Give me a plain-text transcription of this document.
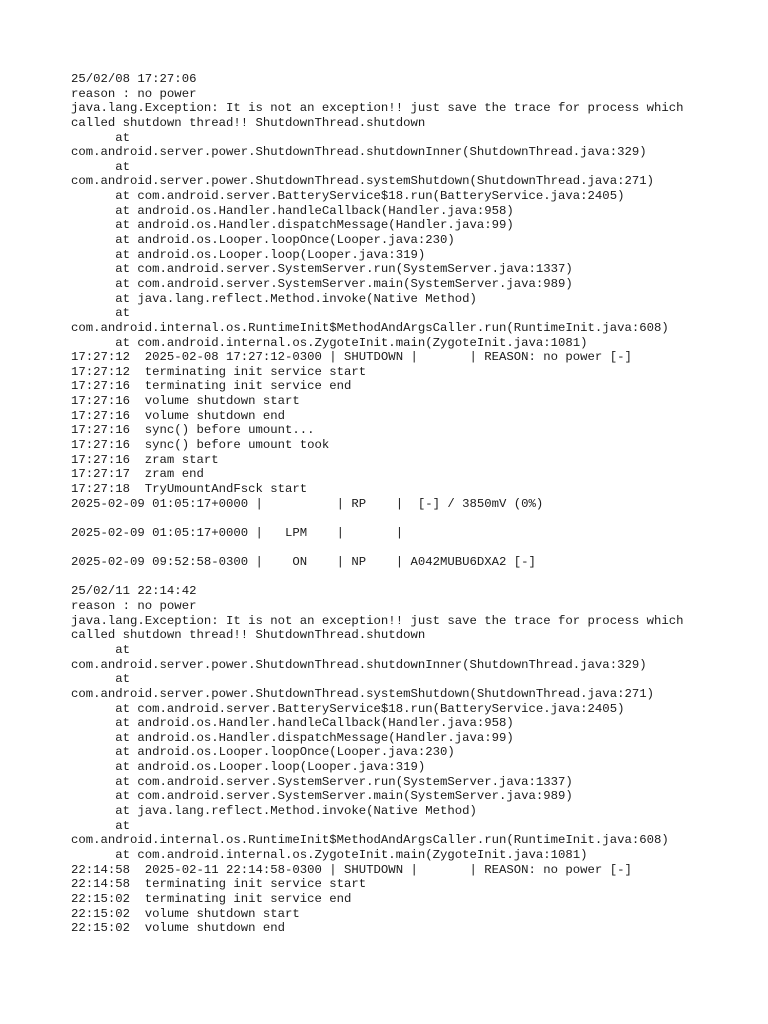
25/02/08 17:27:06
reason : no power
java.lang.Exception: It is not an exception!! just save the trace for process which
called shutdown thread!! ShutdownThread.shutdown
at
com.android.server.power.ShutdownThread.shutdownInner(ShutdownThread.java:329)
at
com.android.server.power.ShutdownThread.systemShutdown(ShutdownThread.java:271)
at com.android.server.BatteryService$18.run(BatteryService.java:2405)
at android.os.Handler.handleCallback(Handler.java:958)
at android.os.Handler.dispatchMessage(Handler.java:99)
at android.os.Looper.loopOnce(Looper.java:230)
at android.os.Looper.loop(Looper.java:319)
at com.android.server.SystemServer.run(SystemServer.java:1337)
at com.android.server.SystemServer.main(SystemServer.java:989)
at java.lang.reflect.Method.invoke(Native Method)
at
com.android.internal.os.RuntimeInit$MethodAndArgsCaller.run(RuntimeInit.java:608)
at com.android.internal.os.ZygoteInit.main(ZygoteInit.java:1081)
17:27:12  2025-02-08 17:27:12-0300 | SHUTDOWN |       | REASON: no power [-]
17:27:12  terminating init service start
17:27:16  terminating init service end
17:27:16  volume shutdown start
17:27:16  volume shutdown end
17:27:16  sync() before umount...
17:27:16  sync() before umount took
17:27:16  zram start
17:27:17  zram end
17:27:18  TryUmountAndFsck start
2025-02-09 01:05:17+0000 |          | RP    |  [-] / 3850mV (0%)
2025-02-09 01:05:17+0000 |   LPM    |       |
2025-02-09 09:52:58-0300 |    ON    | NP    | A042MUBU6DXA2 [-]
25/02/11 22:14:42
reason : no power
java.lang.Exception: It is not an exception!! just save the trace for process which
called shutdown thread!! ShutdownThread.shutdown
at
com.android.server.power.ShutdownThread.shutdownInner(ShutdownThread.java:329)
at
com.android.server.power.ShutdownThread.systemShutdown(ShutdownThread.java:271)
at com.android.server.BatteryService$18.run(BatteryService.java:2405)
at android.os.Handler.handleCallback(Handler.java:958)
at android.os.Handler.dispatchMessage(Handler.java:99)
at android.os.Looper.loopOnce(Looper.java:230)
at android.os.Looper.loop(Looper.java:319)
at com.android.server.SystemServer.run(SystemServer.java:1337)
at com.android.server.SystemServer.main(SystemServer.java:989)
at java.lang.reflect.Method.invoke(Native Method)
at
com.android.internal.os.RuntimeInit$MethodAndArgsCaller.run(RuntimeInit.java:608)
at com.android.internal.os.ZygoteInit.main(ZygoteInit.java:1081)
22:14:58  2025-02-11 22:14:58-0300 | SHUTDOWN |       | REASON: no power [-]
22:14:58  terminating init service start
22:15:02  terminating init service end
22:15:02  volume shutdown start
22:15:02  volume shutdown end
